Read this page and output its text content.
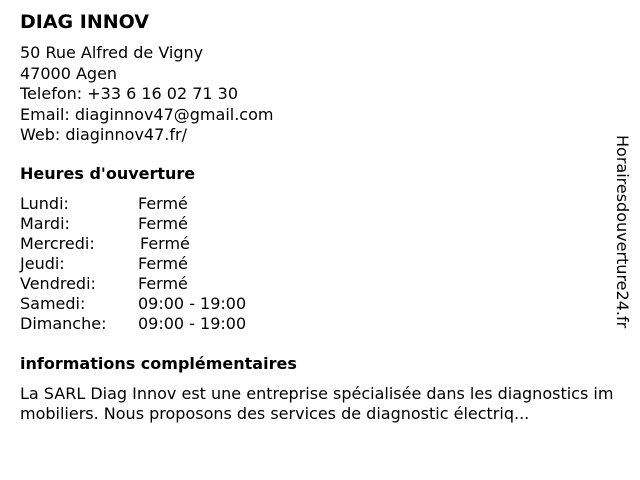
DIAG INNOV
50 Rue Alfred de Vigny
47000 Agen
Telefon: +33 6 16 02 71 30
Email: diaginnov47@gmail.com
Web: diaginnov47.fr/
Heures d'ouverture
Lundi:	Fermé
Mardi:	Fermé
Mercredi:	Fermé
Jeudi:	Fermé
Vendredi:	Fermé
Samedi:	09:00 - 19:00
Dimanche: 09:00 - 19:00
informations complémentaires
La SARL Diag Innov est une entreprise spécialisée dans les diagnostics immobiliers. Nous proposons des services de diagnostic électriq...
Horairesdouverture24.fr
